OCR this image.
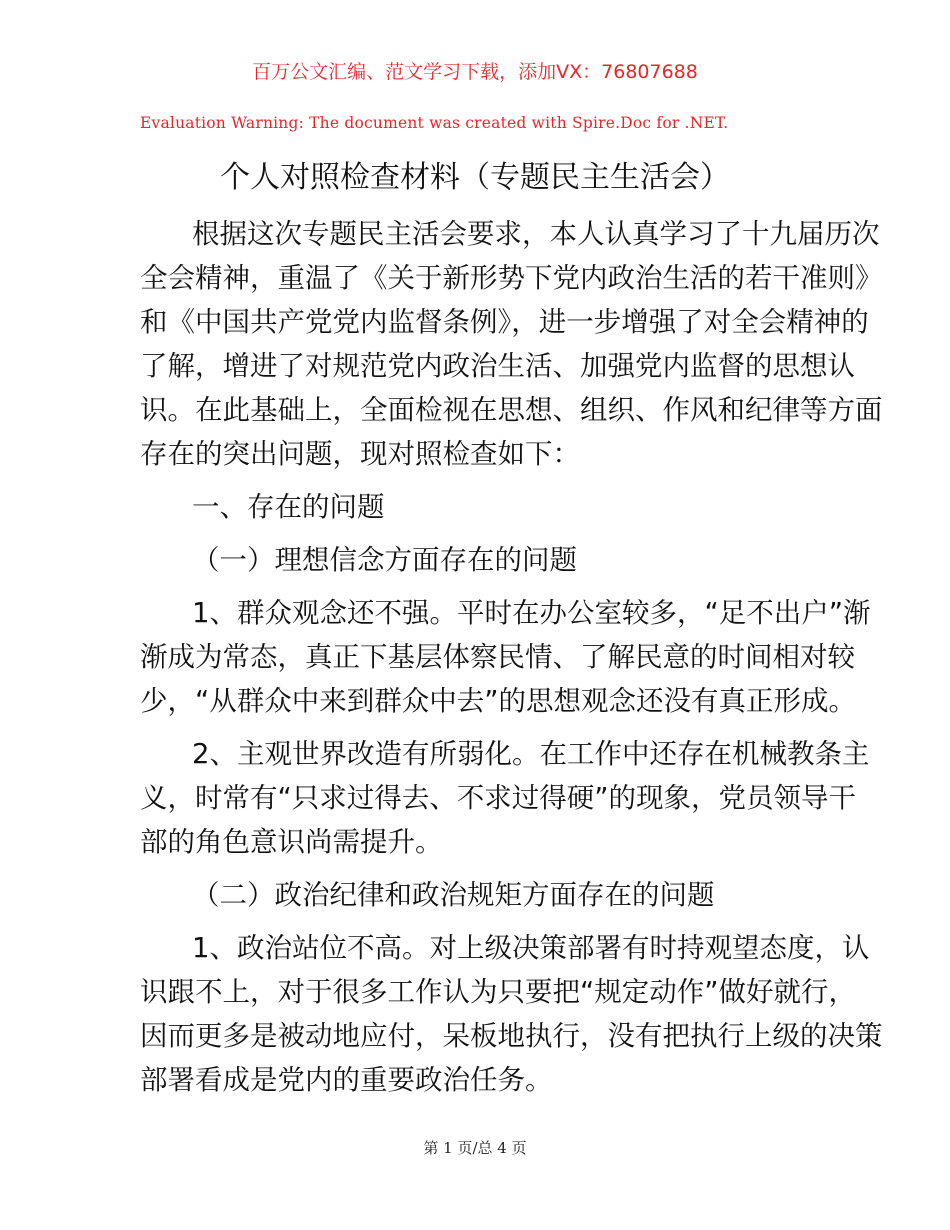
百万公文汇编、范文学习下载，添加VX：76807688
Evaluation Warning: The document was created with Spire.Doc for .NET.
个人对照检查材料（专题民主生活会）
根据这次专题民主活会要求，本人认真学习了十九届历次
全会精神，重温了《关于新形势下党内政治生活的若干准则》
和《中国共产党党内监督条例》，进一步增强了对全会精神的
了解，增进了对规范党内政治生活、加强党内监督的思想认
识。在此基础上，全面检视在思想、组织、作风和纪律等方面
存在的突出问题，现对照检查如下：
一、存在的问题
（一）理想信念方面存在的问题
1、群众观念还不强。平时在办公室较多，“足不出户”渐
渐成为常态，真正下基层体察民情、了解民意的时间相对较
少，“从群众中来到群众中去”的思想观念还没有真正形成。
2、主观世界改造有所弱化。在工作中还存在机械教条主
义，时常有“只求过得去、不求过得硬”的现象，党员领导干
部的角色意识尚需提升。
（二）政治纪律和政治规矩方面存在的问题
1、政治站位不高。对上级决策部署有时持观望态度，认
识跟不上，对于很多工作认为只要把“规定动作”做好就行，
因而更多是被动地应付，呆板地执行，没有把执行上级的决策
部署看成是党内的重要政治任务。
第 1 页/总 4 页
